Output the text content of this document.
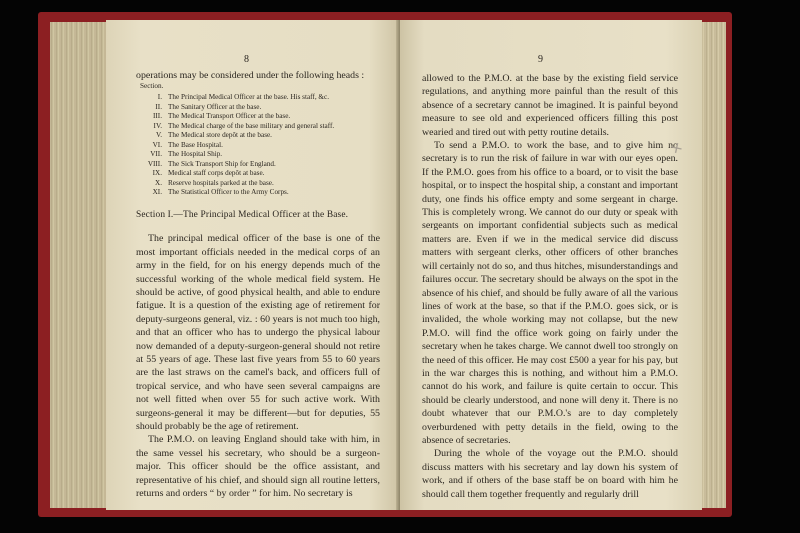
8

operations may be considered under the following heads :

Section.
I. The Principal Medical Officer at the base. His staff, &c.
II. The Sanitary Officer at the base.
III. The Medical Transport Officer at the base.
IV. The Medical charge of the base military and general staff.
V. The Medical store depôt at the base.
VI. The Base Hospital.
VII. The Hospital Ship.
VIII. The Sick Transport Ship for England.
IX. Medical staff corps depôt at base.
X. Reserve hospitals parked at the base.
XI. The Statistical Officer to the Army Corps.
Section I.—The Principal Medical Officer at the Base.

The principal medical officer of the base is one of the most important officials needed in the medical corps of an army in the field, for on his energy depends much of the successful working of the whole medical field system. He should be active, of good physical health, and able to endure fatigue. It is a question of the existing age of retirement for deputy-surgeons general, viz. : 60 years is not much too high, and that an officer who has to undergo the physical labour now demanded of a deputy-surgeon-general should not retire at 55 years of age. These last five years from 55 to 60 years are the last straws on the camel's back, and officers full of tropical service, and who have seen several campaigns are not well fitted when over 55 for such active work. With surgeons-general it may be different—but for deputies, 55 should probably be the age of retirement.

The P.M.O. on leaving England should take with him, in the same vessel his secretary, who should be a surgeon-major. This officer should be the office assistant, and representative of his chief, and should sign all routine letters, returns and orders “ by order ” for him. No secretary is

9

allowed to the P.M.O. at the base by the existing field service regulations, and anything more painful than the result of this absence of a secretary cannot be imagined. It is painful beyond measure to see old and experienced officers filling this post wearied and tired out with petty routine details.

To send a P.M.O. to work the base, and to give him no secretary is to run the risk of failure in war with our eyes open. If the P.M.O. goes from his office to a board, or to visit the base hospital, or to inspect the hospital ship, a constant and important duty, one finds his office empty and some sergeant in charge. This is completely wrong. We cannot do our duty or speak with sergeants on important confidential subjects such as medical matters are. Even if we in the medical service did discuss matters with sergeant clerks, other officers of other branches will certainly not do so, and thus hitches, misunderstandings and failures occur. The secretary should be always on the spot in the absence of his chief, and should be fully aware of all the various lines of work at the base, so that if the P.M.O. goes sick, or is invalided, the whole working may not collapse, but the new P.M.O. will find the office work going on fairly under the secretary when he takes charge. We cannot dwell too strongly on the need of this officer. He may cost £500 a year for his pay, but in the war charges this is nothing, and without him a P.M.O. cannot do his work, and failure is quite certain to occur. This should be clearly understood, and none will deny it. There is no doubt whatever that our P.M.O.'s are to day completely overburdened with petty details in the field, owing to the absence of secretaries.

During the whole of the voyage out the P.M.O. should discuss matters with his secretary and lay down his system of work, and if others of the base staff be on board with him he should call them together frequently and regularly drill

+
